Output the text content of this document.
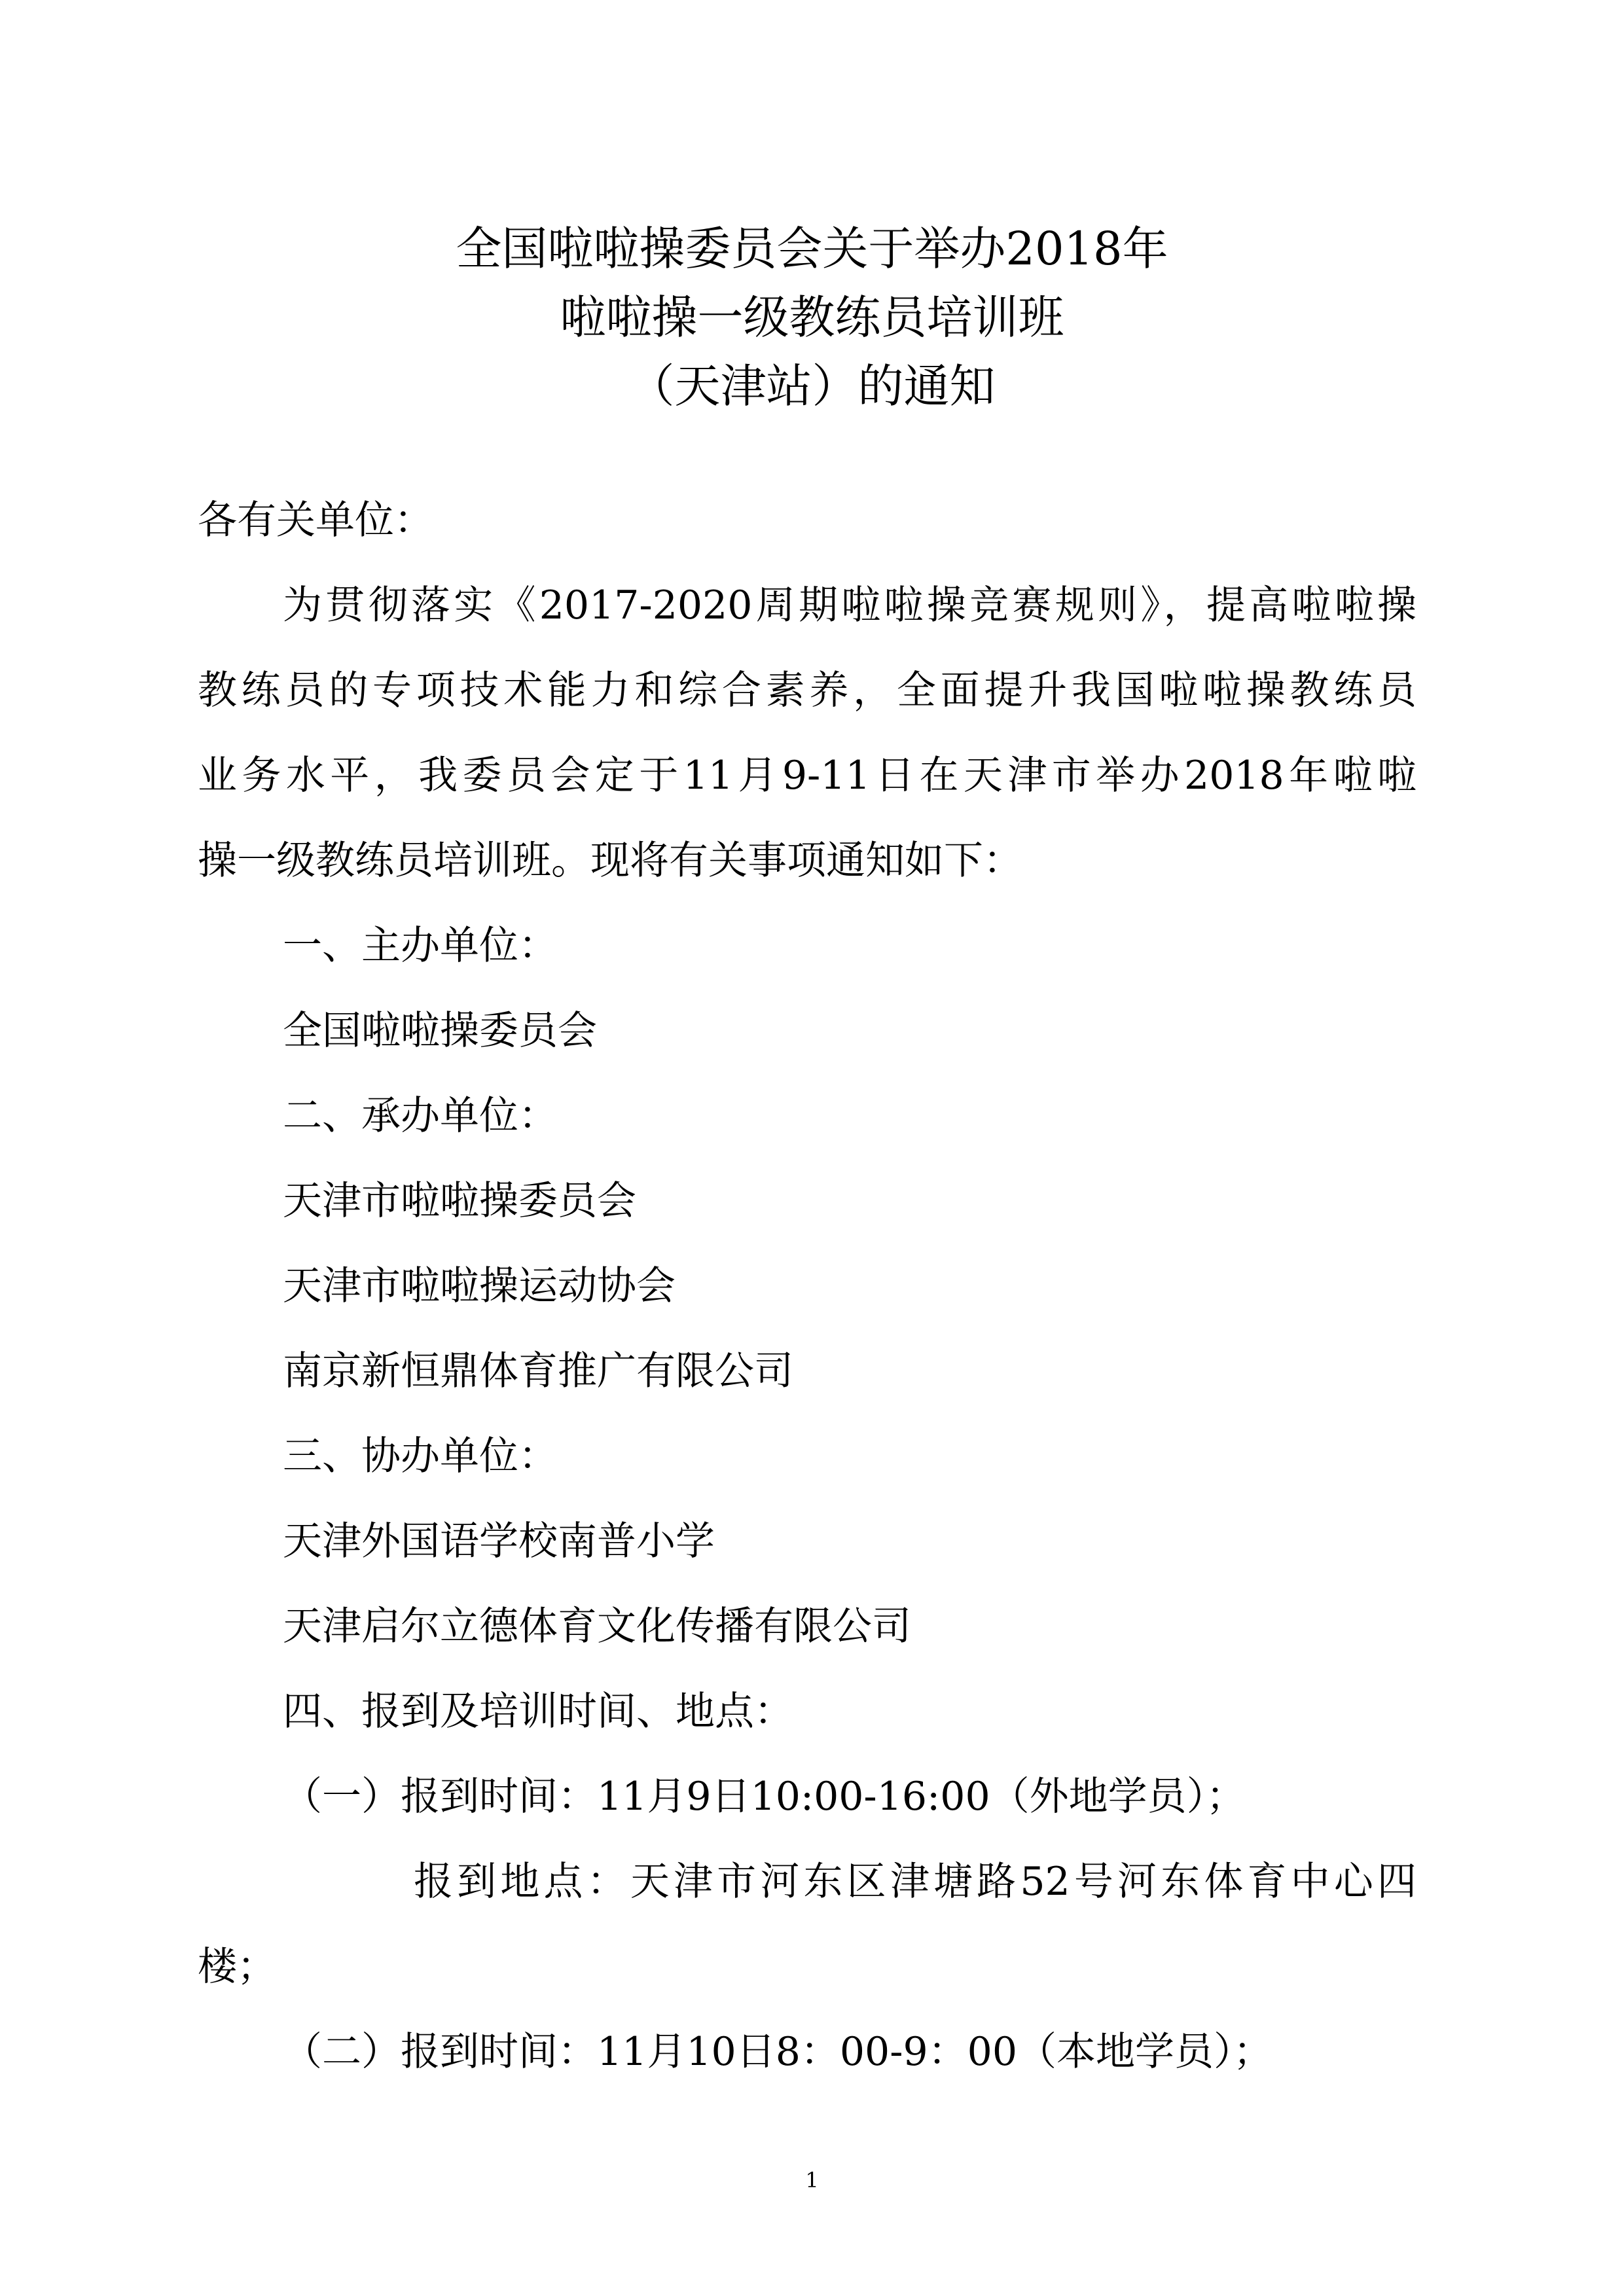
全国啦啦操委员会关于举办2018年
啦啦操一级教练员培训班
（天津站）的通知
各有关单位：
为贯彻落实《2017-2020周期啦啦操竞赛规则》，提高啦啦操
教练员的专项技术能力和综合素养，全面提升我国啦啦操教练员
业务水平，我委员会定于11月9-11日在天津市举办2018年啦啦
操一级教练员培训班。现将有关事项通知如下：
一、主办单位：
全国啦啦操委员会
二、承办单位：
天津市啦啦操委员会
天津市啦啦操运动协会
南京新恒鼎体育推广有限公司
三、协办单位：
天津外国语学校南普小学
天津启尔立德体育文化传播有限公司
四、报到及培训时间、地点：
（一）报到时间：11月9日10:00-16:00（外地学员）；
报到地点：天津市河东区津塘路52号河东体育中心四
楼；
（二）报到时间：11月10日8：00-9：00（本地学员）；
1
